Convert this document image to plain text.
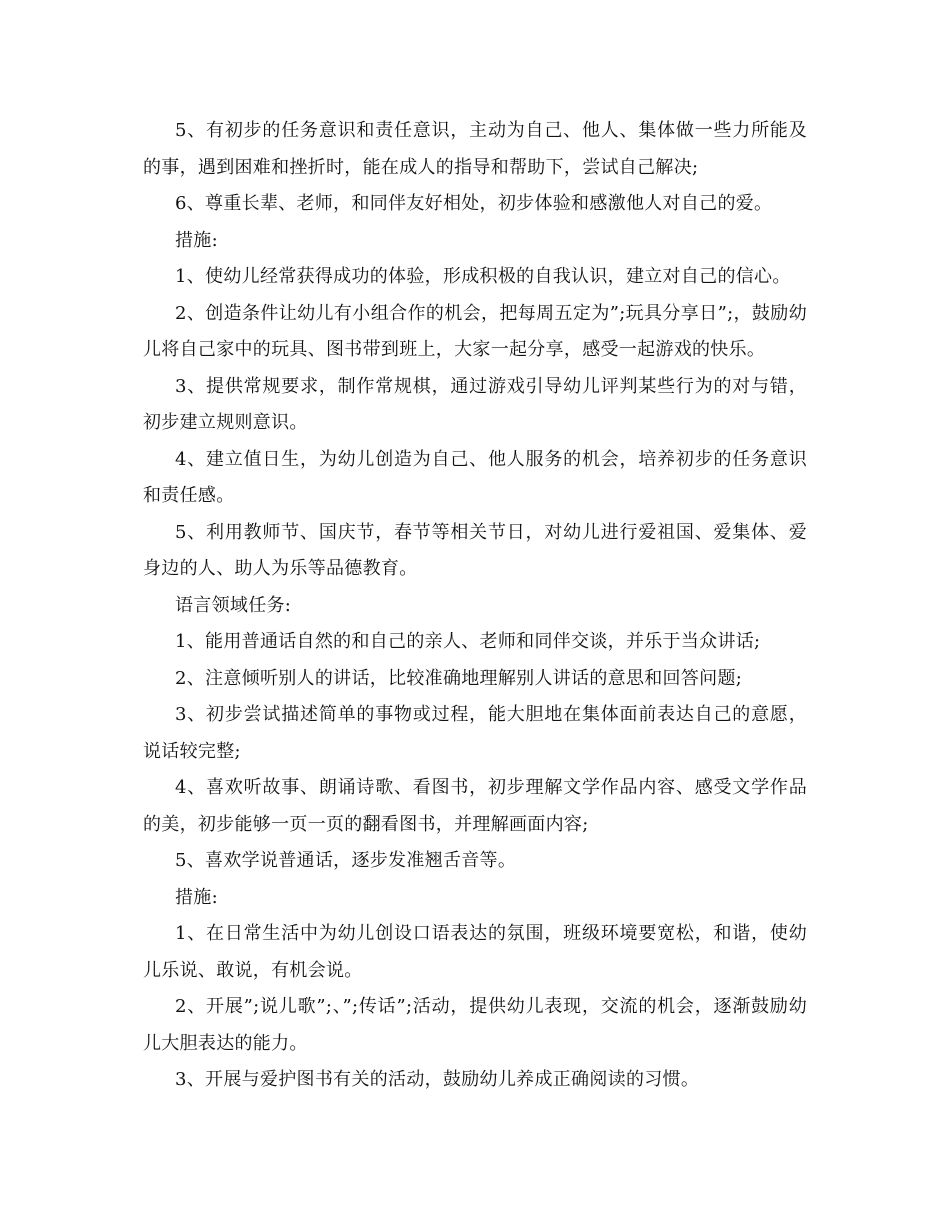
5、有初步的任务意识和责任意识，主动为自己、他人、集体做一些力所能及的事，遇到困难和挫折时，能在成人的指导和帮助下，尝试自己解决;

6、尊重长辈、老师，和同伴友好相处，初步体验和感激他人对自己的爱。

措施:

1、使幼儿经常获得成功的体验，形成积极的自我认识，建立对自己的信心。

2、创造条件让幼儿有小组合作的机会，把每周五定为”;玩具分享日”;，鼓励幼儿将自己家中的玩具、图书带到班上，大家一起分享，感受一起游戏的快乐。

3、提供常规要求，制作常规棋，通过游戏引导幼儿评判某些行为的对与错，初步建立规则意识。

4、建立值日生，为幼儿创造为自己、他人服务的机会，培养初步的任务意识和责任感。

5、利用教师节、国庆节，春节等相关节日，对幼儿进行爱祖国、爱集体、爱身边的人、助人为乐等品德教育。

语言领域任务:

1、能用普通话自然的和自己的亲人、老师和同伴交谈，并乐于当众讲话;

2、注意倾听别人的讲话，比较准确地理解别人讲话的意思和回答问题;

3、初步尝试描述简单的事物或过程，能大胆地在集体面前表达自己的意愿，说话较完整;

4、喜欢听故事、朗诵诗歌、看图书，初步理解文学作品内容、感受文学作品的美，初步能够一页一页的翻看图书，并理解画面内容;

5、喜欢学说普通话，逐步发准翘舌音等。

措施:

1、在日常生活中为幼儿创设口语表达的氛围，班级环境要宽松，和谐，使幼儿乐说、敢说，有机会说。

2、开展”;说儿歌”;、”;传话”;活动，提供幼儿表现，交流的机会，逐渐鼓励幼儿大胆表达的能力。

3、开展与爱护图书有关的活动，鼓励幼儿养成正确阅读的习惯。
